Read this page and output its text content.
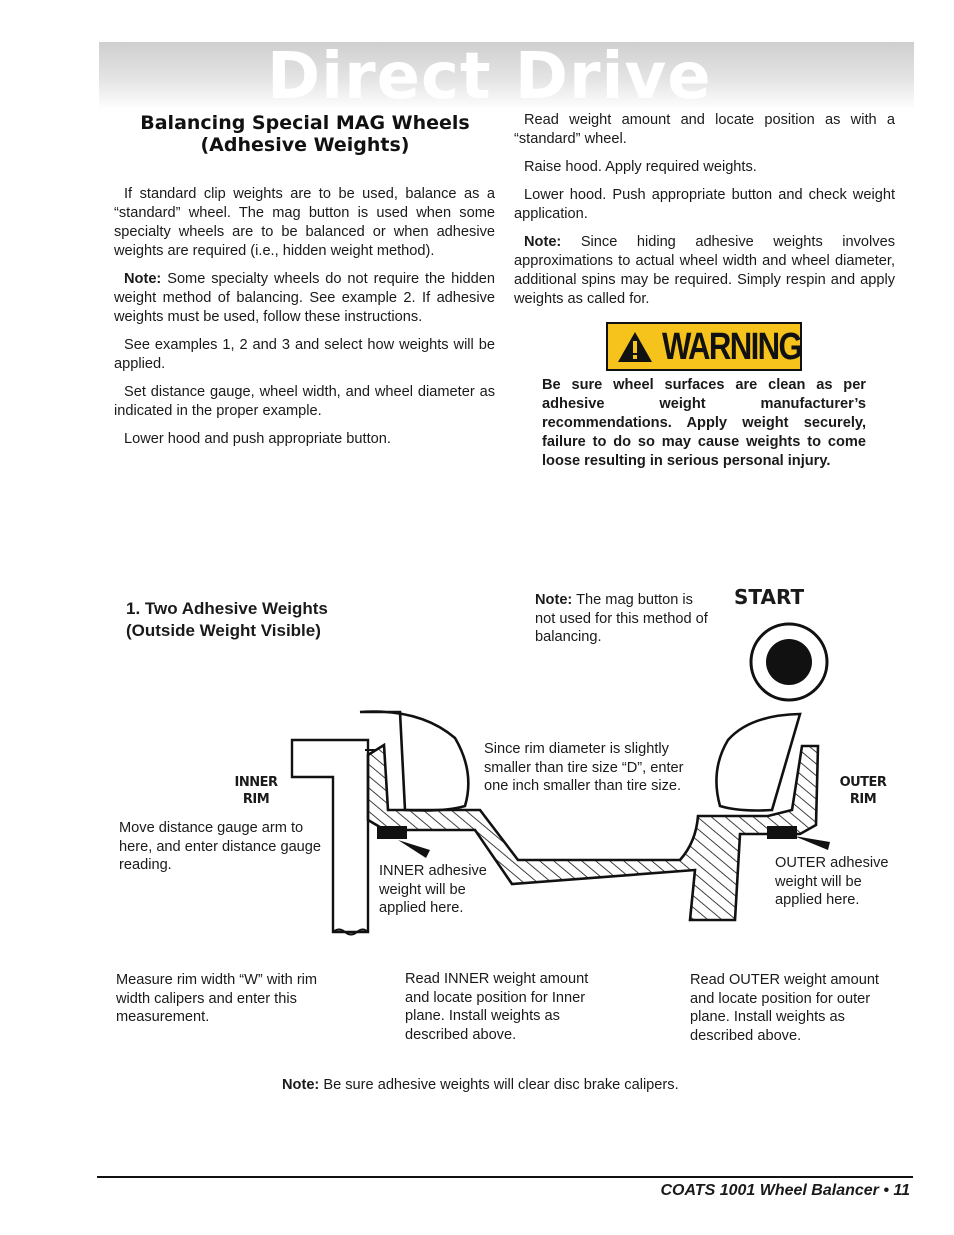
Direct Drive
Balancing Special MAG Wheels (Adhesive Weights)

If standard clip weights are to be used, balance as a “standard” wheel. The mag button is used when some specialty wheels are to be balanced or when adhesive weights are required (i.e., hidden weight method).

Note: Some specialty wheels do not require the hidden weight method of balancing. See example 2. If adhesive weights must be used, follow these instructions.

See examples 1, 2 and 3 and select how weights will be applied.

Set distance gauge, wheel width, and wheel diameter as indicated in the proper example.

Lower hood and push appropriate button.

Read weight amount and locate position as with a “standard” wheel.

Raise hood. Apply required weights.

Lower hood. Push appropriate button and check weight application.

Note: Since hiding adhesive weights involves approximations to actual wheel width and wheel diameter, additional spins may be required. Simply respin and apply weights as called for.

WARNING
Be sure wheel surfaces are clean as per adhesive weight manufacturer’s recommendations. Apply weight securely, failure to do so may cause weights to come loose resulting in serious personal injury.
1. Two Adhesive Weights (Outside Weight Visible)
Note: The mag button is not used for this method of balancing.
START
INNER RIM
OUTER RIM
Since rim diameter is slightly smaller than tire size “D”, enter one inch smaller than tire size.
Move distance gauge arm to here, and enter distance gauge reading.	INNER adhesive weight will be applied here.
OUTER adhesive weight will be applied here.
Measure rim width “W” with rim width calipers and enter this measurement.
Read INNER weight amount and locate position for Inner plane. Install weights as described above.
Read OUTER weight amount and locate position for outer plane. Install weights as described above.
Note: Be sure adhesive weights will clear disc brake calipers.
COATS 1001 Wheel Balancer • 11
